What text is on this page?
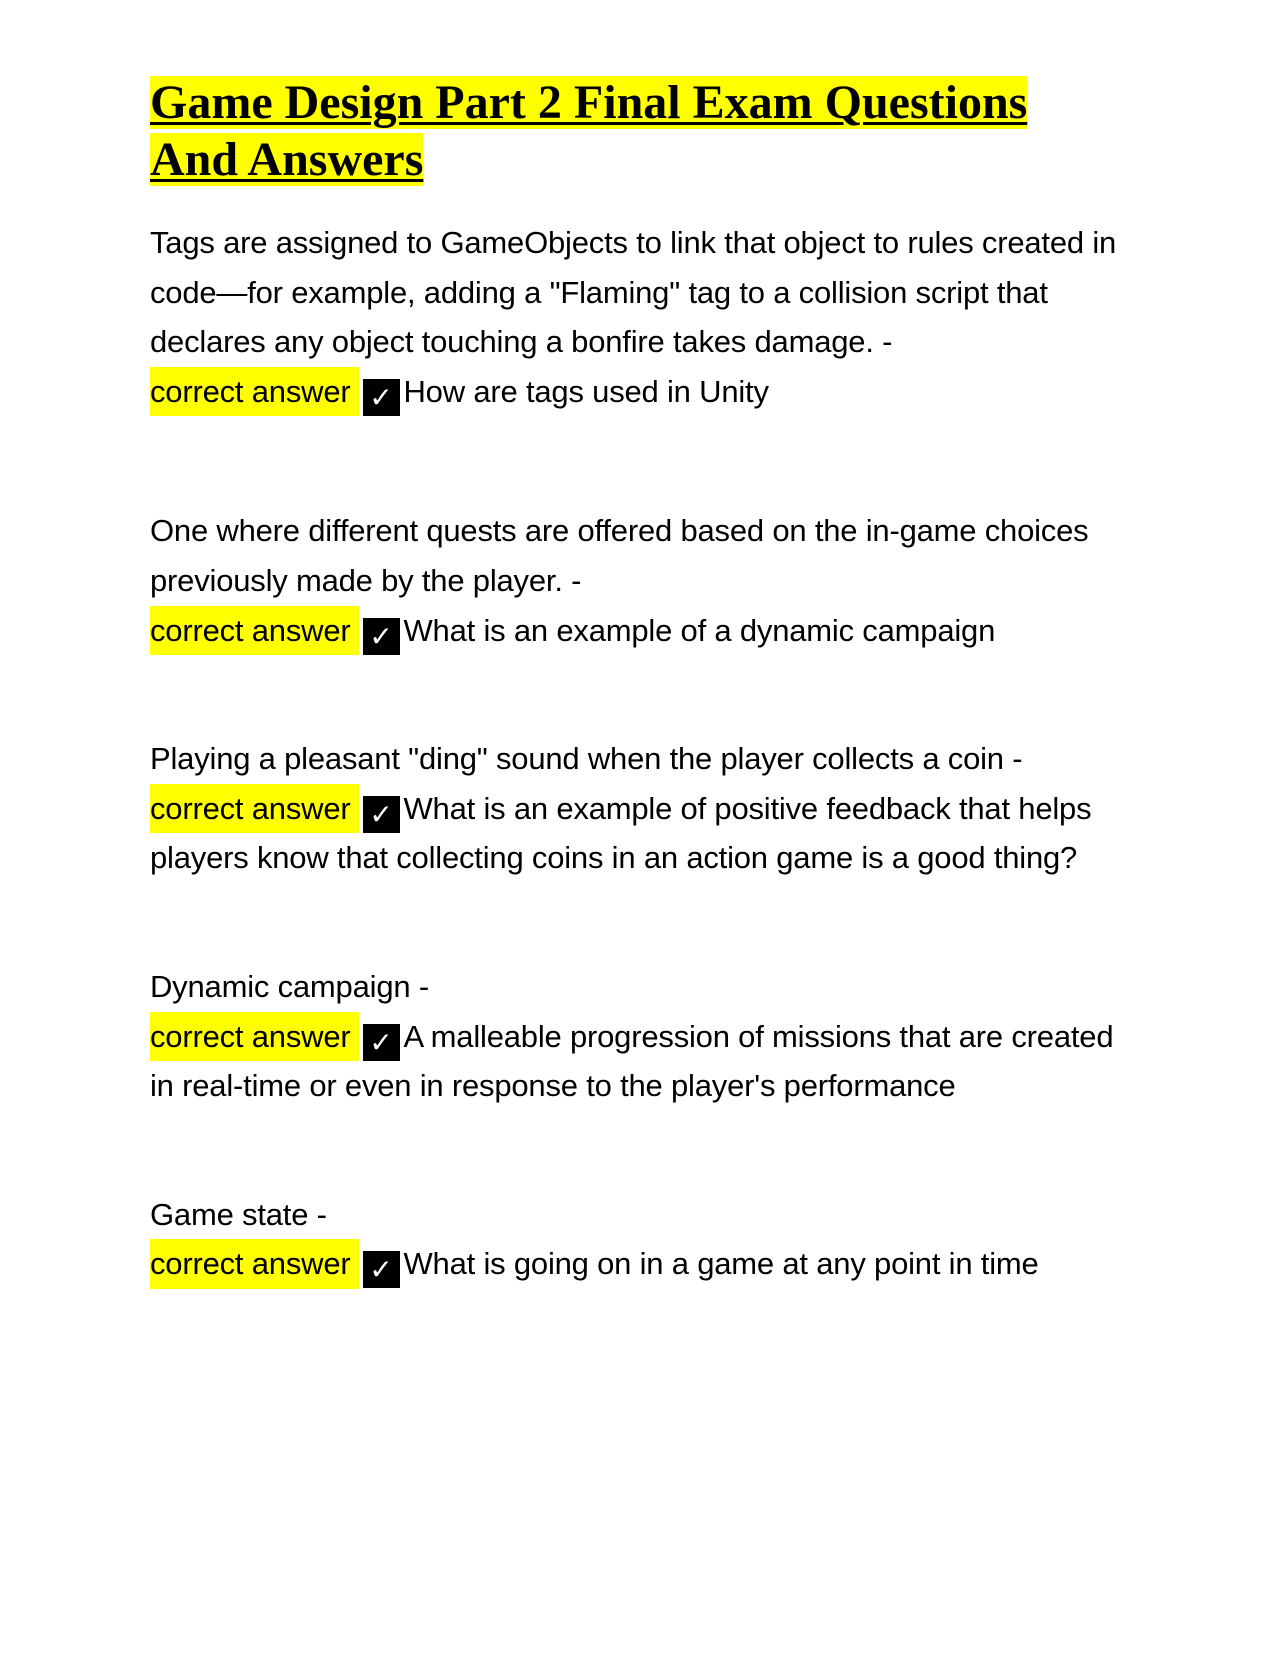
Game Design Part 2 Final Exam Questions
And Answers

Tags are assigned to GameObjects to link that object to rules created in code—for example, adding a "Flaming" tag to a collision script that declares any object touching a bonfire takes damage. -

correct answer ✓ How are tags used in Unity

One where different quests are offered based on the in-game choices previously made by the player. -

correct answer ✓ What is an example of a dynamic campaign

Playing a pleasant "ding" sound when the player collects a coin -

correct answer ✓ What is an example of positive feedback that helps players know that collecting coins in an action game is a good thing?

Dynamic campaign -

correct answer ✓ A malleable progression of missions that are created in real-time or even in response to the player's performance

Game state -

correct answer ✓ What is going on in a game at any point in time
